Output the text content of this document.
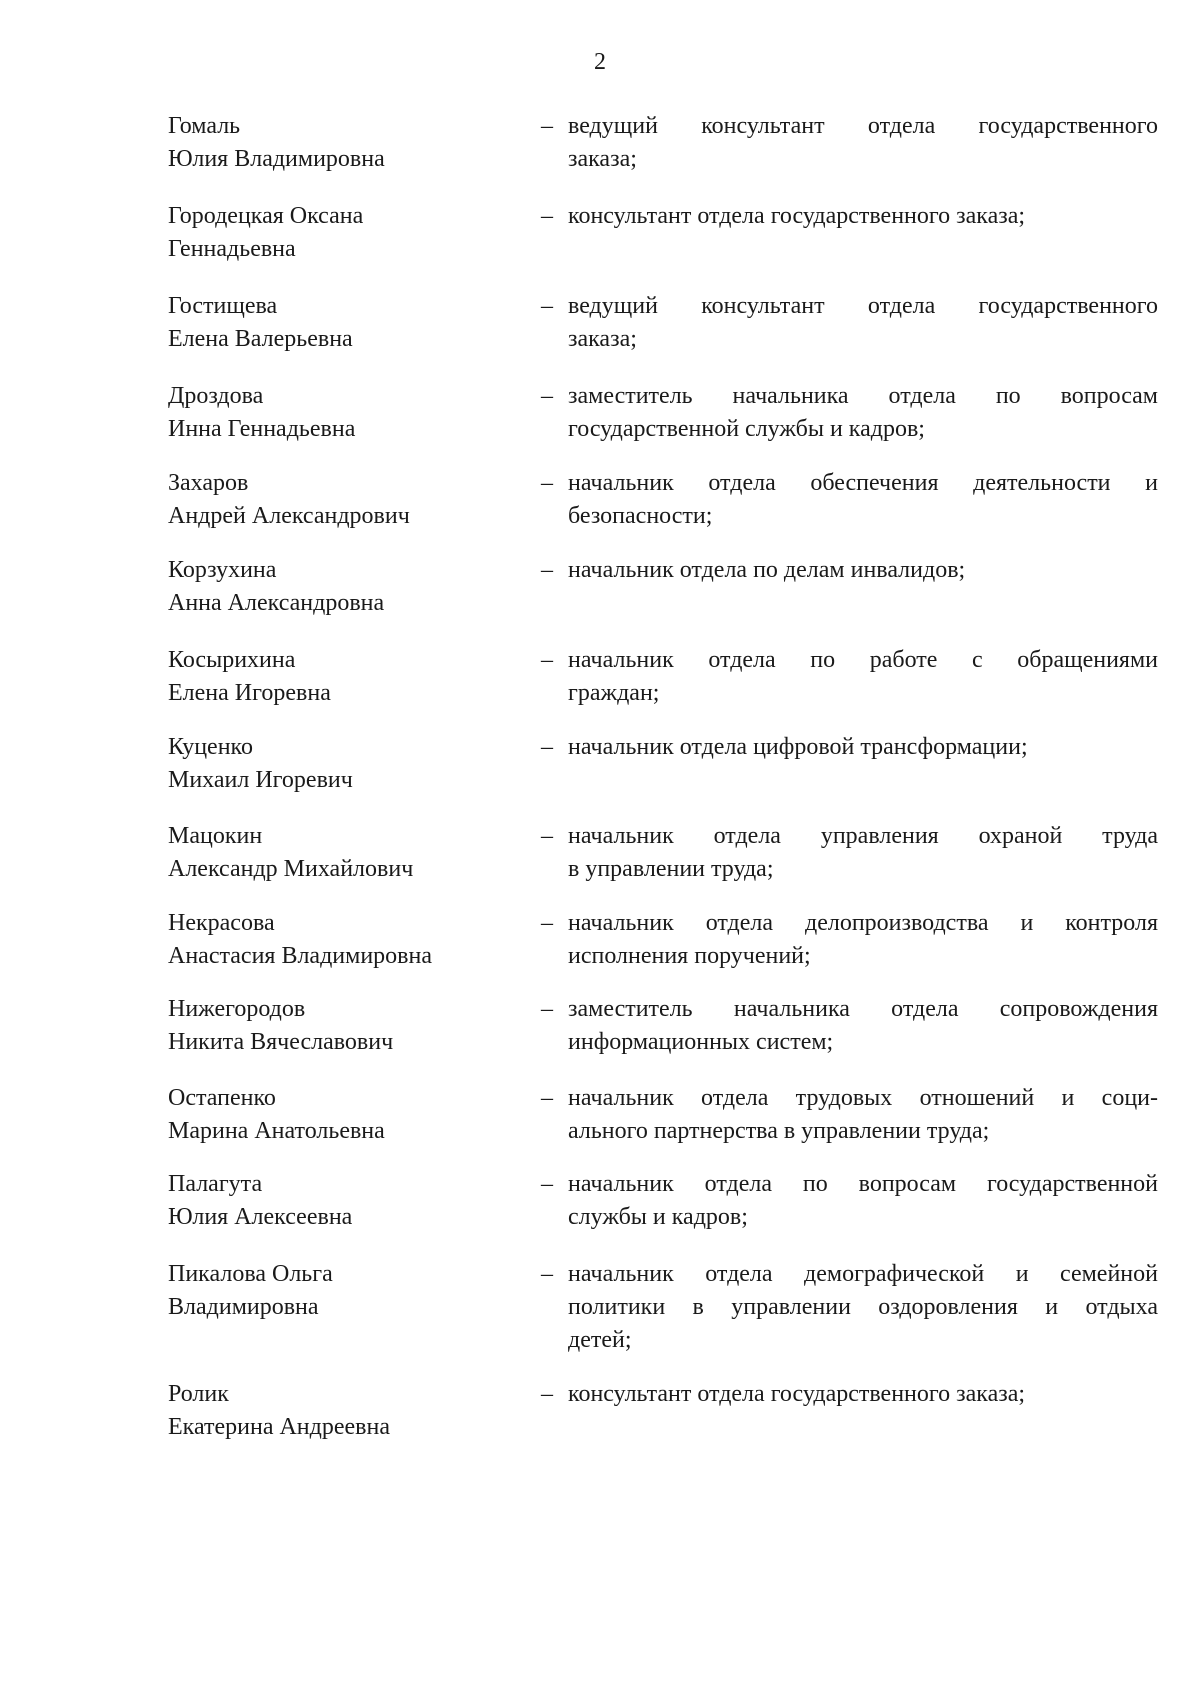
2
Гомаль
Юлия Владимировна
– ведущий консультант отдела государственного
заказа;
Городецкая Оксана
Геннадьевна
– консультант отдела государственного заказа;
Гостищева
Елена Валерьевна
– ведущий консультант отдела государственного
заказа;
Дроздова
Инна Геннадьевна
– заместитель начальника отдела по вопросам
государственной службы и кадров;
Захаров
Андрей Александрович
– начальник отдела обеспечения деятельности и
безопасности;
Корзухина
Анна Александровна
– начальник отдела по делам инвалидов;
Косырихина
Елена Игоревна
– начальник отдела по работе с обращениями
граждан;
Куценко
Михаил Игоревич
– начальник отдела цифровой трансформации;
Мацокин
Александр Михайлович
– начальник отдела управления охраной труда
в управлении труда;
Некрасова
Анастасия Владимировна
– начальник отдела делопроизводства и контроля
исполнения поручений;
Нижегородов
Никита Вячеславович
– заместитель начальника отдела сопровождения
информационных систем;
Остапенко
Марина Анатольевна
– начальник отдела трудовых отношений и соци-
ального партнерства в управлении труда;
Палагута
Юлия Алексеевна
– начальник отдела по вопросам государственной
службы и кадров;
Пикалова Ольга
Владимировна
– начальник отдела демографической и семейной
политики в управлении оздоровления и отдыха
детей;
Ролик
Екатерина Андреевна
– консультант отдела государственного заказа;
